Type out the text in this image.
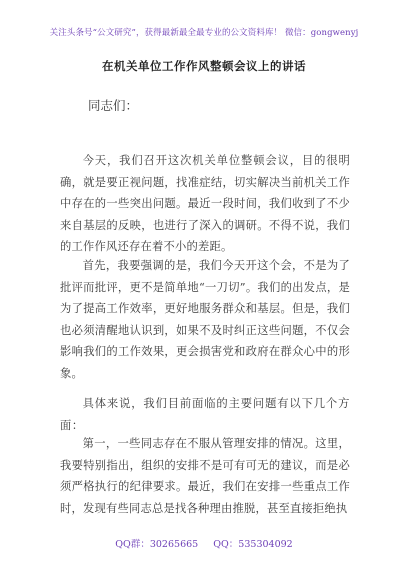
关注头条号“公文研究”，获得最新最全最专业的公文资料库！ 微信：gongwenyj
在机关单位工作作风整顿会议上的讲话
同志们：

今天，我们召开这次机关单位整顿会议，目的很明确，就是要正视问题，找准症结，切实解决当前机关工作中存在的一些突出问题。最近一段时间，我们收到了不少来自基层的反映，也进行了深入的调研。不得不说，我们的工作作风还存在着不小的差距。

首先，我要强调的是，我们今天开这个会，不是为了批评而批评，更不是简单地“一刀切”。我们的出发点，是为了提高工作效率，更好地服务群众和基层。但是，我们也必须清醒地认识到，如果不及时纠正这些问题，不仅会影响我们的工作效果，更会损害党和政府在群众心中的形象。

具体来说，我们目前面临的主要问题有以下几个方面：

第一，一些同志存在不服从管理安排的情况。这里，我要特别指出，组织的安排不是可有可无的建议，而是必须严格执行的纪律要求。最近，我们在安排一些重点工作时，发现有些同志总是找各种理由推脱，甚至直接拒绝执

QQ群：30265665 QQ：535304092
